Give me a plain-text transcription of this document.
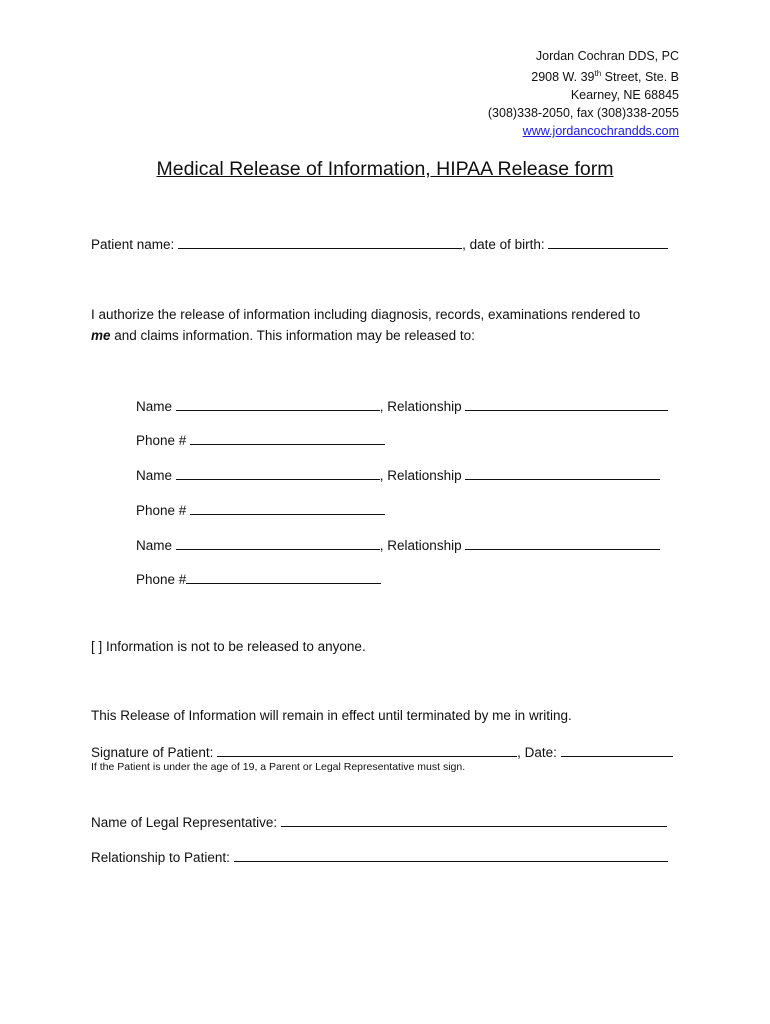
Jordan Cochran DDS, PC
2908 W. 39th Street, Ste. B
Kearney, NE 68845
(308)338-2050, fax (308)338-2055
www.jordancochrandds.com
Medical Release of Information, HIPAA Release form
Patient name:	, date of birth:
I authorize the release of information including diagnosis, records, examinations rendered to
me and claims information. This information may be released to:
Name	, Relationship
Phone #
Name	, Relationship
Phone #
Name	, Relationship
Phone #
[ ] Information is not to be released to anyone.
This Release of Information will remain in effect until terminated by me in writing.
Signature of Patient:	, Date:
If the Patient is under the age of 19, a Parent or Legal Representative must sign.
Name of Legal Representative:
Relationship to Patient:
